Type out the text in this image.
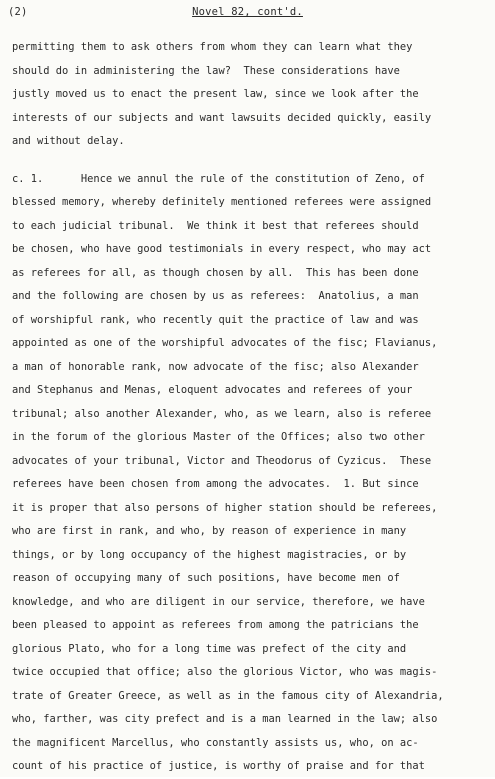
(2)	Novel 82, cont'd.
permitting them to ask others from whom they can learn what they
should do in administering the law?  These considerations have
justly moved us to enact the present law, since we look after the
interests of our subjects and want lawsuits decided quickly, easily
and without delay.
c. 1.      Hence we annul the rule of the constitution of Zeno, of
blessed memory, whereby definitely mentioned referees were assigned
to each judicial tribunal.  We think it best that referees should
be chosen, who have good testimonials in every respect, who may act
as referees for all, as though chosen by all.  This has been done
and the following are chosen by us as referees:  Anatolius, a man
of worshipful rank, who recently quit the practice of law and was
appointed as one of the worshipful advocates of the fisc; Flavianus,
a man of honorable rank, now advocate of the fisc; also Alexander
and Stephanus and Menas, eloquent advocates and referees of your
tribunal; also another Alexander, who, as we learn, also is referee
in the forum of the glorious Master of the Offices; also two other
advocates of your tribunal, Victor and Theodorus of Cyzicus.  These
referees have been chosen from among the advocates.  1. But since
it is proper that also persons of higher station should be referees,
who are first in rank, and who, by reason of experience in many
things, or by long occupancy of the highest magistracies, or by
reason of occupying many of such positions, have become men of
knowledge, and who are diligent in our service, therefore, we have
been pleased to appoint as referees from among the patricians the
glorious Plato, who for a long time was prefect of the city and
twice occupied that office; also the glorious Victor, who was magis-
trate of Greater Greece, as well as in the famous city of Alexandria,
who, farther, was city prefect and is a man learned in the law; also
the magnificent Marcellus, who constantly assists us, who, on ac-
count of his practice of justice, is worthy of praise and for that
